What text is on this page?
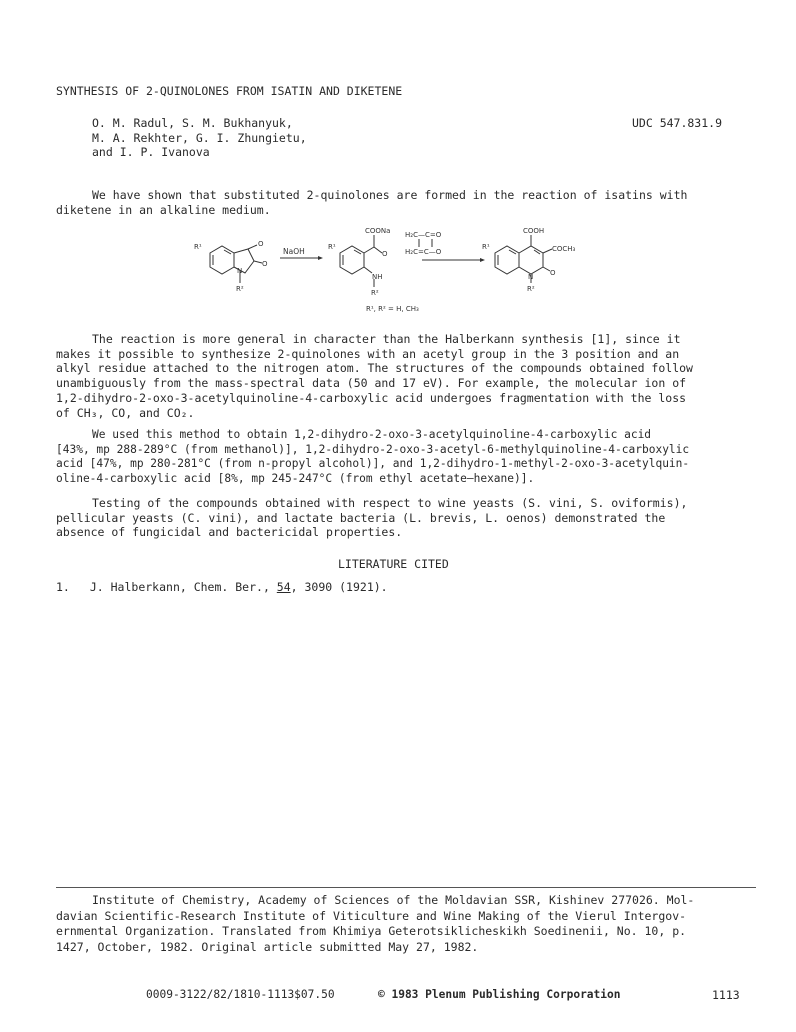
SYNTHESIS OF 2-QUINOLONES FROM ISATIN AND DIKETENE
O. M. Radul, S. M. Bukhanyuk,
M. A. Rekhter, G. I. Zhungietu,
and I. P. Ivanova
UDC 547.831.9
We have shown that substituted 2-quinolones are formed in the reaction of isatins with
diketene in an alkaline medium.
R¹	O
O
N
R²
NaOH	R¹
COONa
O
NH
R²
H₂C—C=O
H₂C=C—O
R¹
COOH
COCH₃
N O
R²
R¹, R² = H, CH₃
The reaction is more general in character than the Halberkann synthesis [1], since it
makes it possible to synthesize 2-quinolones with an acetyl group in the 3 position and an
alkyl residue attached to the nitrogen atom. The structures of the compounds obtained follow
unambiguously from the mass-spectral data (50 and 17 eV). For example, the molecular ion of
1,2-dihydro-2-oxo-3-acetylquinoline-4-carboxylic acid undergoes fragmentation with the loss
of CH₃, CO, and CO₂.
We used this method to obtain 1,2-dihydro-2-oxo-3-acetylquinoline-4-carboxylic acid
[43%, mp 288-289°C (from methanol)], 1,2-dihydro-2-oxo-3-acetyl-6-methylquinoline-4-carboxylic
acid [47%, mp 280-281°C (from n-propyl alcohol)], and 1,2-dihydro-1-methyl-2-oxo-3-acetylquin-
oline-4-carboxylic acid [8%, mp 245-247°C (from ethyl acetate—hexane)].
Testing of the compounds obtained with respect to wine yeasts (S. vini, S. oviformis),
pellicular yeasts (C. vini), and lactate bacteria (L. brevis, L. oenos) demonstrated the
absence of fungicidal and bactericidal properties.
LITERATURE CITED
1. J. Halberkann, Chem. Ber., 54, 3090 (1921).
Institute of Chemistry, Academy of Sciences of the Moldavian SSR, Kishinev 277026. Mol-
davian Scientific-Research Institute of Viticulture and Wine Making of the Vierul Intergov-
ernmental Organization. Translated from Khimiya Geterotsiklicheskikh Soedinenii, No. 10, p.
1427, October, 1982. Original article submitted May 27, 1982.
0009-3122/82/1810-1113$07.50	© 1983 Plenum Publishing Corporation	1113
